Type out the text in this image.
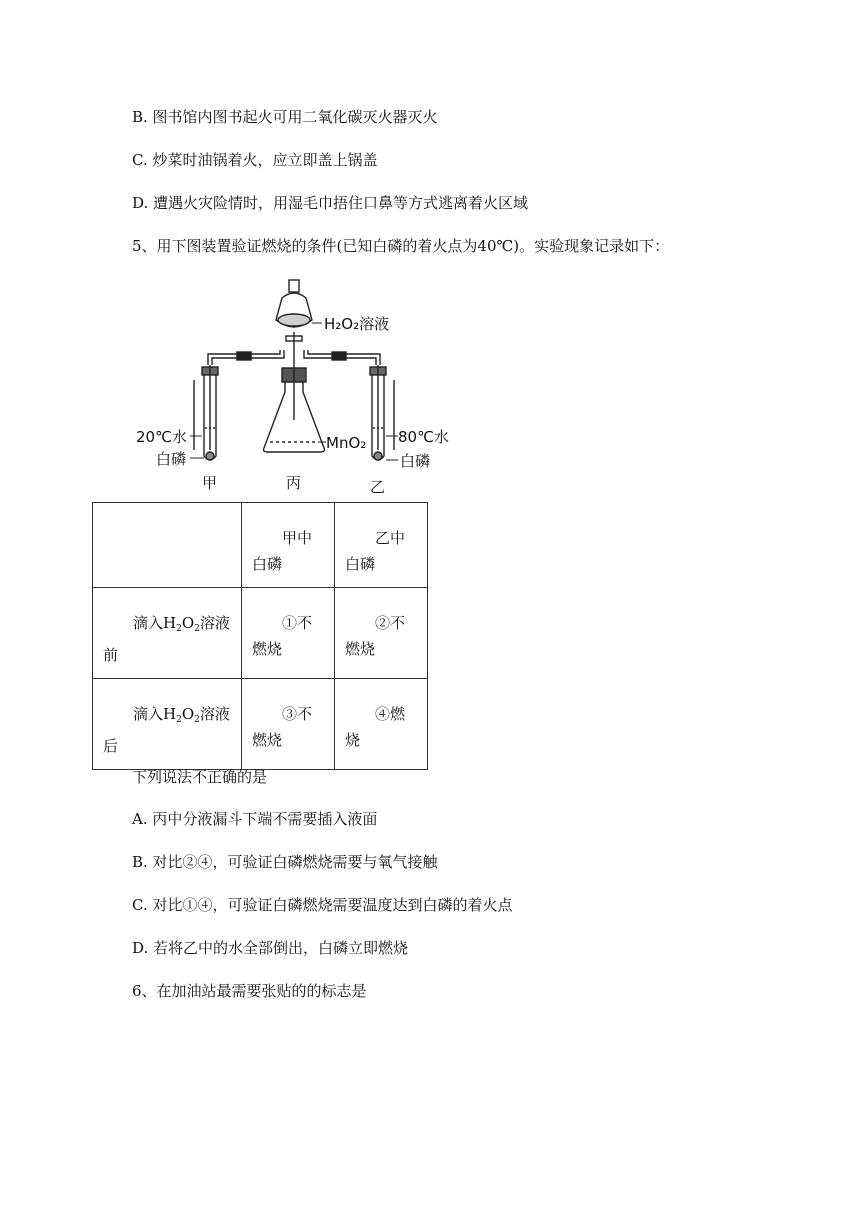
B. 图书馆内图书起火可用二氧化碳灭火器灭火
C. 炒菜时油锅着火，应立即盖上锅盖
D. 遭遇火灾险情时，用湿毛巾捂住口鼻等方式逃离着火区域
5、用下图装置验证燃烧的条件(已知白磷的着火点为40℃)。实验现象记录如下：
H₂O₂溶液
MnO₂
20℃水
白磷
80℃水
白磷
甲	丙	乙
	甲中白磷	乙中白磷
滴入$H_2O_2$溶液
前	①不燃烧	②不燃烧
滴入$H_2O_2$溶液
后	③不燃烧	④燃烧
下列说法不正确的是
A. 丙中分液漏斗下端不需要插入液面
B. 对比②④，可验证白磷燃烧需要与氧气接触
C. 对比①④，可验证白磷燃烧需要温度达到白磷的着火点
D. 若将乙中的水全部倒出，白磷立即燃烧
6、在加油站最需要张贴的的标志是
